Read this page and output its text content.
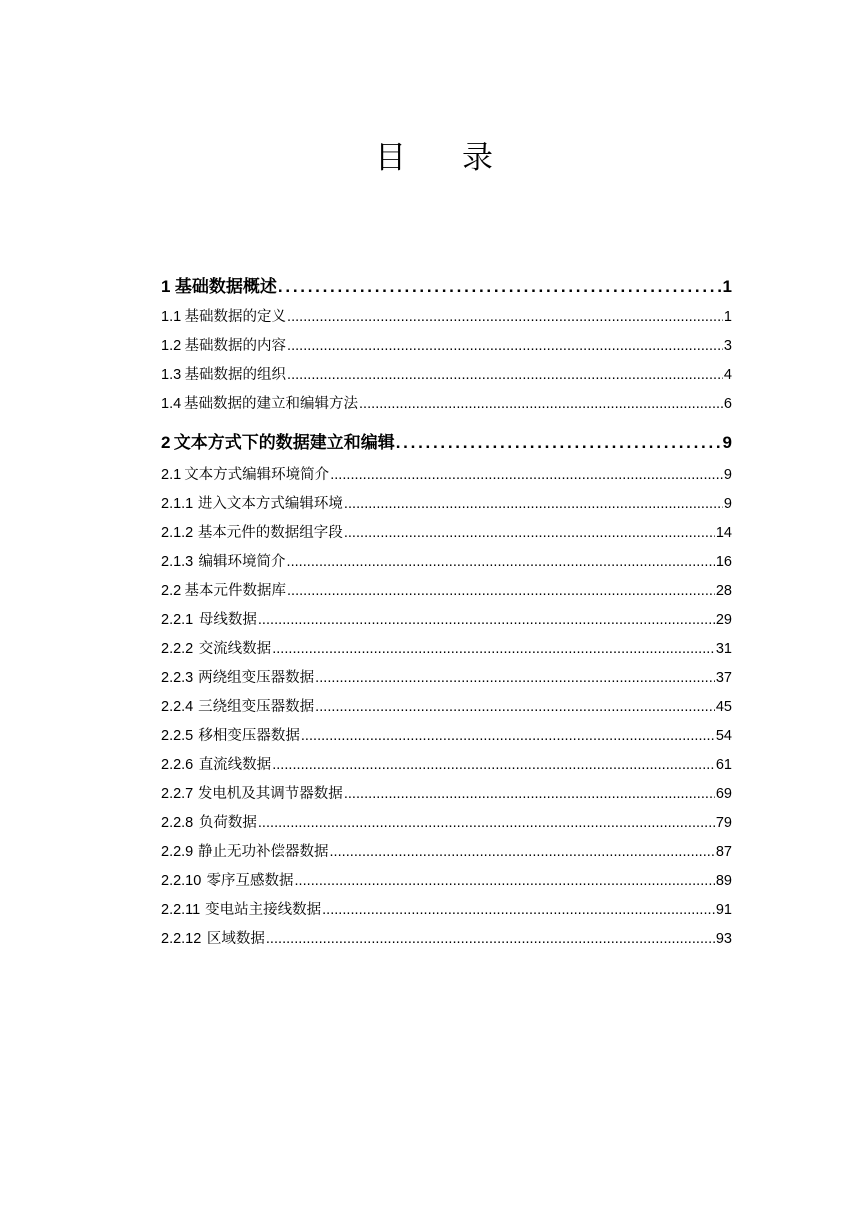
目 录
1 基础数据概述 . . .	1
1.1 基础数据的定义 . . .	1
1.2 基础数据的内容 . . .	3
1.3 基础数据的组织 . . .	4
1.4 基础数据的建立和编辑方法 . . .	6
2 文本方式下的数据建立和编辑 . . .	9
2.1 文本方式编辑环境简介 . . .	9
2.1.1 进入文本方式编辑环境 . . .	9
2.1.2 基本元件的数据组字段 . . .	14
2.1.3 编辑环境简介 . . .	16
2.2 基本元件数据库 . . .	28
2.2.1 母线数据 . . .	29
2.2.2 交流线数据 . . .	31
2.2.3 两绕组变压器数据 . . .	37
2.2.4 三绕组变压器数据 . . .	45
2.2.5 移相变压器数据 . . .	54
2.2.6 直流线数据 . . .	61
2.2.7 发电机及其调节器数据 . . .	69
2.2.8 负荷数据 . . .	79
2.2.9 静止无功补偿器数据 . . .	87
2.2.10 零序互感数据 . . .	89
2.2.11 变电站主接线数据 . . .	91
2.2.12 区域数据 . . .	93
